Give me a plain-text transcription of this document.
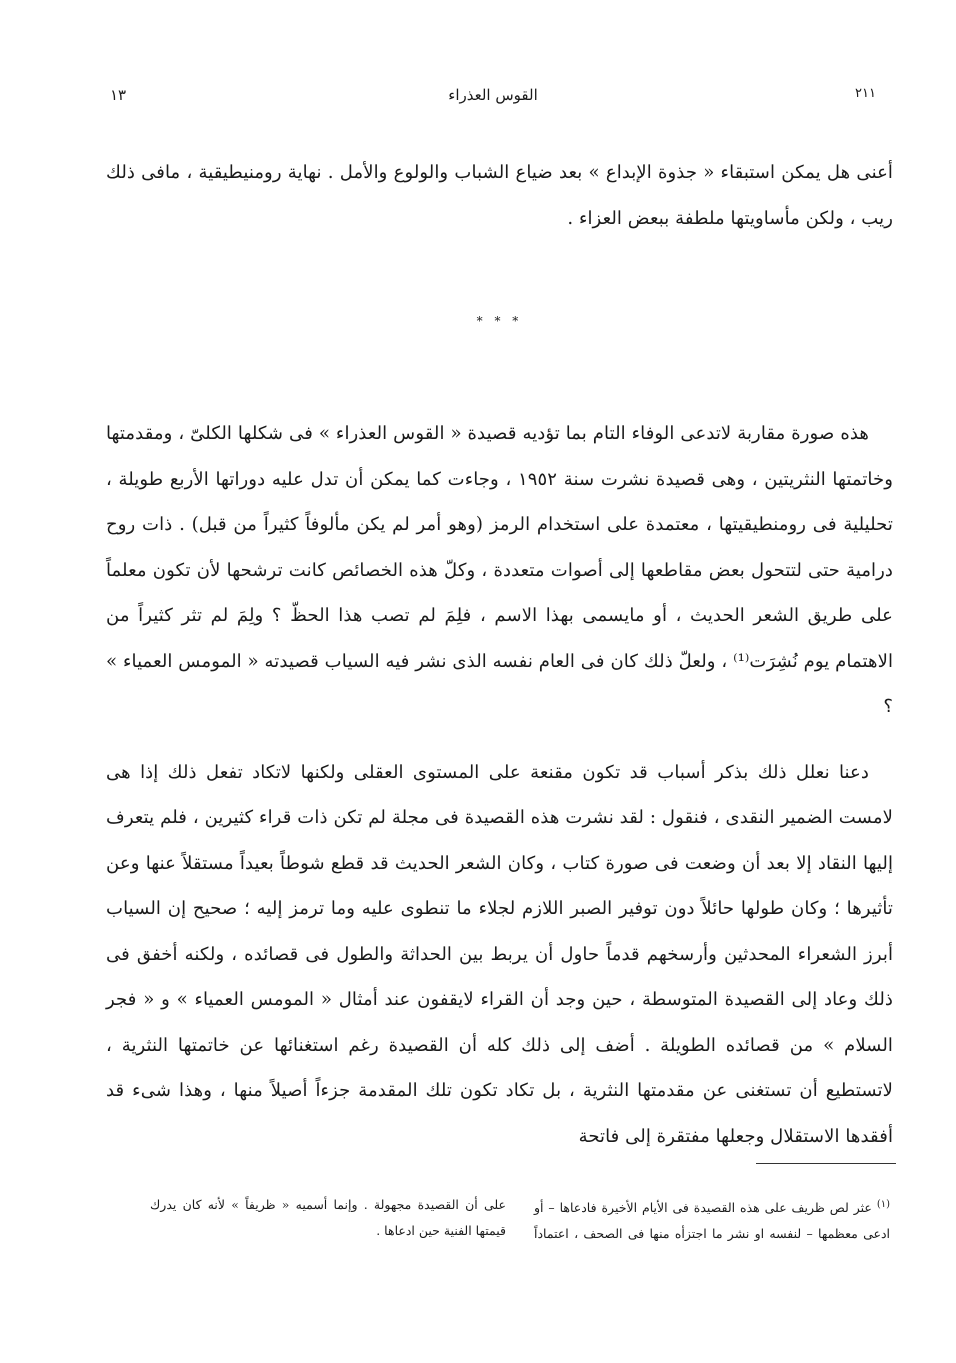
١٣	القوس العذراء	٢١١

أعنى هل يمكن استبقاء « جذوة الإبداع » بعد ضياع الشباب والولوع والأمل . نهاية رومنيطيقية ، مافى ذلك ريب ، ولكن مأساويتها ملطفة ببعض العزاء .

* * *

هذه صورة مقاربة لاتدعى الوفاء التام بما تؤديه قصيدة « القوس العذراء » فى شكلها الكلىّ ، ومقدمتها وخاتمتها النثريتين ، وهى قصيدة نشرت سنة ١٩٥٢ ، وجاءت كما يمكن أن تدل عليه دوراتها الأربع طويلة ، تحليلية فى رومنطيقيتها ، معتمدة على استخدام الرمز (وهو أمر لم يكن مألوفاً كثيراً من قبل) . ذات روح درامية حتى لتتحول بعض مقاطعها إلى أصوات متعددة ، وكلّ هذه الخصائص كانت ترشحها لأن تكون معلماً على طريق الشعر الحديث ، أو مايسمى بهذا الاسم ، فلِمَ لم تصب هذا الحظّ ؟ ولِمَ لم تثر كثيراً من الاهتمام يوم نُشِرَت⁽¹⁾ ، ولعلّ ذلك كان فى العام نفسه الذى نشر فيه السياب قصيدته « المومس العمياء » ؟

دعنا نعلل ذلك بذكر أسباب قد تكون مقنعة على المستوى العقلى ولكنها لاتكاد تفعل ذلك إذا هى لامست الضمير النقدى ، فنقول : لقد نشرت هذه القصيدة فى مجلة لم تكن ذات قراء كثيرين ، فلم يتعرف إليها النقاد إلا بعد أن وضعت فى صورة كتاب ، وكان الشعر الحديث قد قطع شوطاً بعيداً مستقلاً عنها وعن تأثيرها ؛ وكان طولها حائلاً دون توفير الصبر اللازم لجلاء ما تنطوى عليه وما ترمز إليه ؛ صحيح إن السياب أبرز الشعراء المحدثين وأرسخهم قدماً حاول أن يربط بين الحداثة والطول فى قصائده ، ولكنه أخفق فى ذلك وعاد إلى القصيدة المتوسطة ، حين وجد أن القراء لايقفون عند أمثال « المومس العمياء » و « فجر السلام » من قصائده الطويلة . أضف إلى ذلك كله أن القصيدة رغم استغنائها عن خاتمتها النثرية ، لاتستطيع أن تستغنى عن مقدمتها النثرية ، بل تكاد تكون تلك المقدمة جزءاً أصيلاً منها ، وهذا شىء قد أفقدها الاستقلال وجعلها مفتقرة إلى فاتحة

$^{(١)}$ عثر لص ظريف على هذه القصيدة فى الأيام الأخيرة فادعاها – أو ادعى معظمها – لنفسه او نشر ما اجتزأه منها فى الصحف ، اعتماداً على أن القصيدة مجهولة . وإنما أسميه « ظريفاً » لأنه كان يدرك قيمتها الفنية حين ادعاها .
